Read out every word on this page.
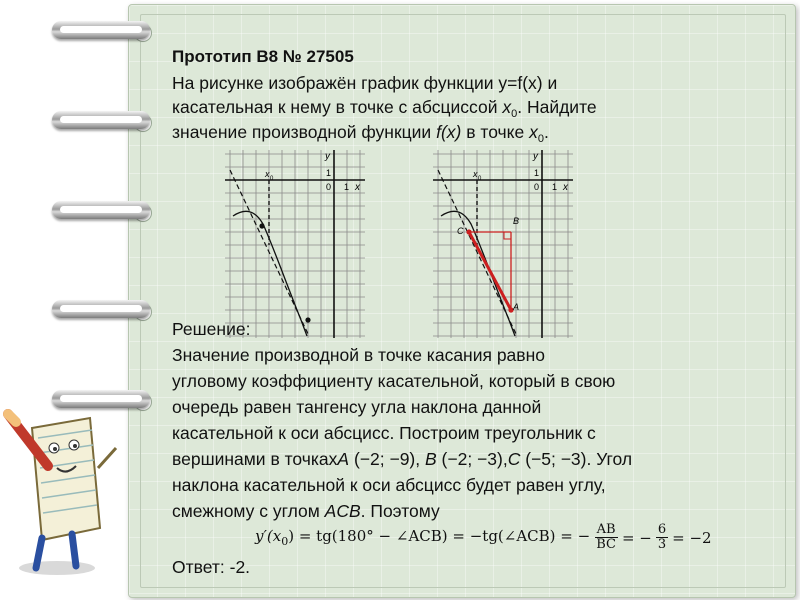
Прототип B8 № 27505
На рисунке изображён график функции y=f(x) и
касательная к нему в точке с абсциссой $x_0$. Найдите
значение производной функции f(x) в точке $x_0$.
y
1
0 1 x
x 0
y
1
0 1 x
x 0
C
B
A
Решение:
Значение производной в точке касания равно
угловому коэффициенту касательной, который в свою
очередь равен тангенсу угла наклона данной
касательной к оси абсцисс. Построим треугольник с
вершинами в точкахA (−2; −9), B (−2; −3),C (−5; −3). Угол
наклона касательной к оси абсцисс будет равен углу,
смежному с углом ACB. Поэтому
$y'(x_0) = tg(180^\circ$ − ∠ACB) = −tg(∠ACB) = − $\frac{AB}{BC}$ = − $\frac{6}{3} = -2$
Ответ: -2.
